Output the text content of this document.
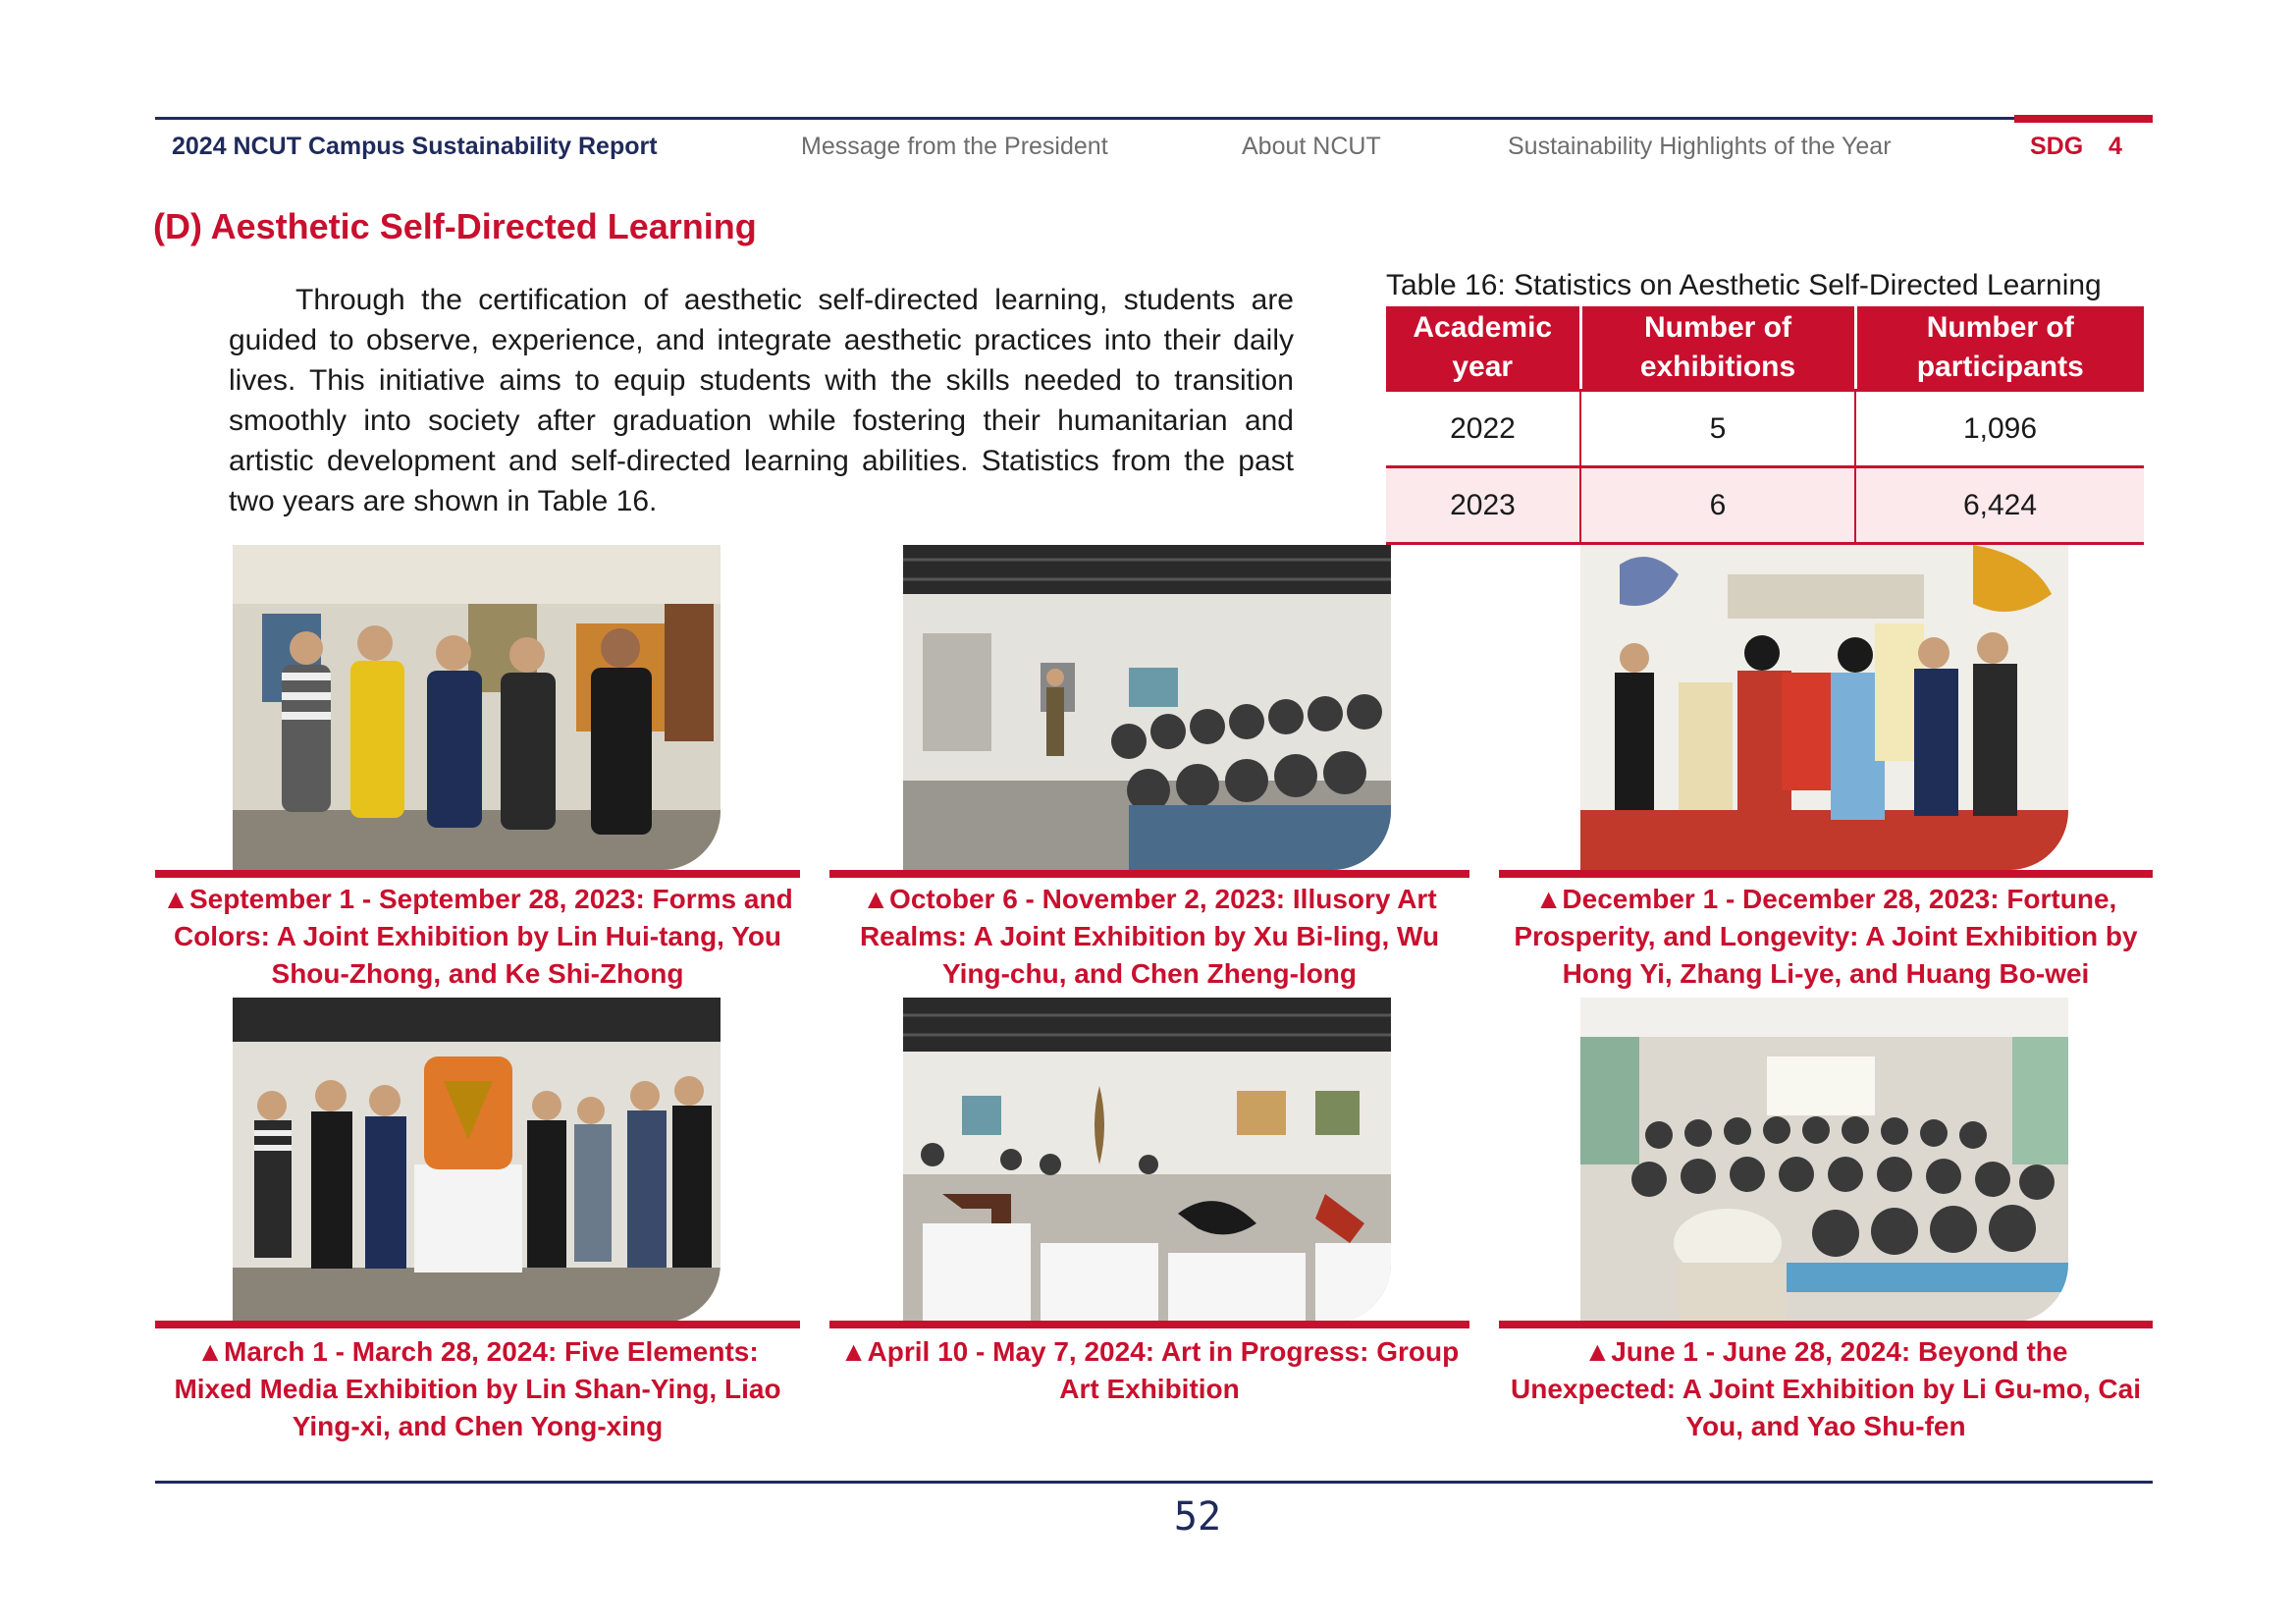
2024 NCUT Campus Sustainability Report	Message from the President	About NCUT	Sustainability Highlights of the Year	SDG 4
(D) Aesthetic Self-Directed Learning

Through the certification of aesthetic self-directed learning, students are guided to observe, experience, and integrate aesthetic practices into their daily lives. This initiative aims to equip students with the skills needed to transition smoothly into society after graduation while fostering their humanitarian and artistic development and self-directed learning abilities. Statistics from the past two years are shown in Table 16.

Table 16: Statistics on Aesthetic Self-Directed Learning
Academic year	Number of exhibitions	Number of participants
2022	5	1,096
2023	6	6,424
▲September 1 - September 28, 2023: Forms and Colors: A Joint Exhibition by Lin Hui-tang, You Shou-Zhong, and Ke Shi-Zhong
▲October 6 - November 2, 2023: Illusory Art Realms: A Joint Exhibition by Xu Bi-ling, Wu Ying-chu, and Chen Zheng-long
▲December 1 - December 28, 2023: Fortune, Prosperity, and Longevity: A Joint Exhibition by Hong Yi, Zhang Li-ye, and Huang Bo-wei
▲March 1 - March 28, 2024: Five Elements: Mixed Media Exhibition by Lin Shan-Ying, Liao Ying-xi, and Chen Yong-xing
▲April 10 - May 7, 2024: Art in Progress: Group Art Exhibition
▲June 1 - June 28, 2024: Beyond the Unexpected: A Joint Exhibition by Li Gu-mo, Cai You, and Yao Shu-fen
52
